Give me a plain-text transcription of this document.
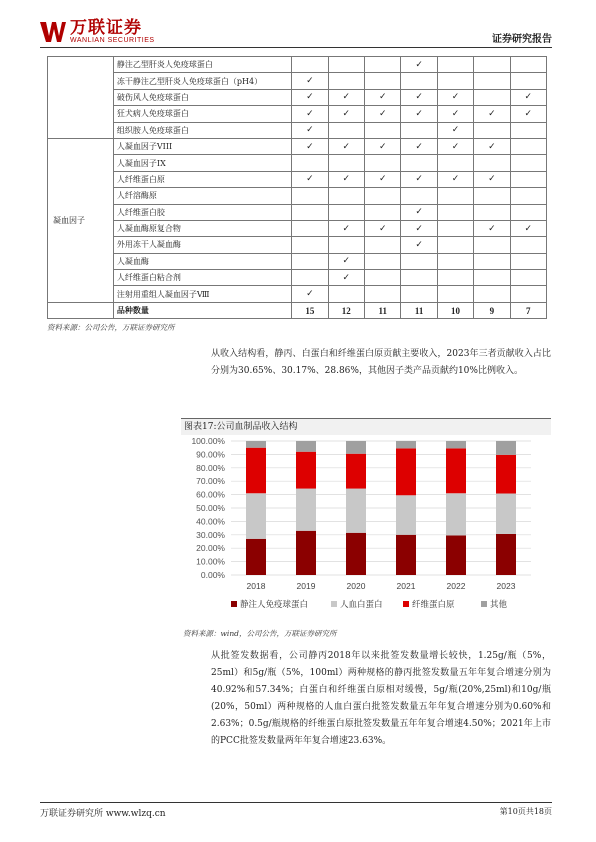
万联证券
WANLIAN SECURITIES	证券研究报告
	静注乙型肝炎人免疫球蛋白				✓			
	冻干静注乙型肝炎人免疫球蛋白（pH4）	✓						
	破伤风人免疫球蛋白	✓	✓	✓	✓	✓		✓
	狂犬病人免疫球蛋白	✓	✓	✓	✓	✓	✓	✓
	组织胺人免疫球蛋白	✓				✓		
凝血因子	人凝血因子VIII	✓	✓	✓	✓	✓	✓	
	人凝血因子IX							
	人纤维蛋白原	✓	✓	✓	✓	✓	✓	
	人纤溶酶原							
	人纤维蛋白胶				✓			
	人凝血酶原复合物		✓	✓	✓		✓	✓
	外用冻干人凝血酶				✓			
	人凝血酶		✓					
	人纤维蛋白粘合剂		✓					
	注射用重组人凝血因子Ⅷ	✓						
	品种数量	15	12	11	11	10	9	7
资料来源：公司公告，万联证券研究所
从收入结构看，静丙、白蛋白和纤维蛋白原贡献主要收入，2023年三者贡献收入占比分别为30.65%、30.17%、28.86%，其他因子类产品贡献约10%比例收入。
图表17:公司血制品收入结构
0.00%
10.00%
20.00%
30.00%
40.00%
50.00%
60.00%
70.00%
80.00%
90.00%
100.00%
2018	2019	2020	2021	2022	2023
静注人免疫球蛋白	人血白蛋白	纤维蛋白原	其他
资料来源：wind，公司公告，万联证券研究所
从批签发数据看，公司静丙2018年以来批签发数量增长较快，1.25g/瓶（5%，25ml）和5g/瓶（5%，100ml）两种规格的静丙批签发数量五年年复合增速分别为40.92%和57.34%；白蛋白和纤维蛋白原相对缓慢，5g/瓶(20%,25ml)和10g/瓶(20%，50ml）两种规格的人血白蛋白批签发数量五年年复合增速分别为0.60%和2.63%；0.5g/瓶规格的纤维蛋白原批签发数量五年年复合增速4.50%；2021年上市的PCC批签发数量两年年复合增速23.63%。
万联证券研究所 www.wlzq.cn	第10页共18页
